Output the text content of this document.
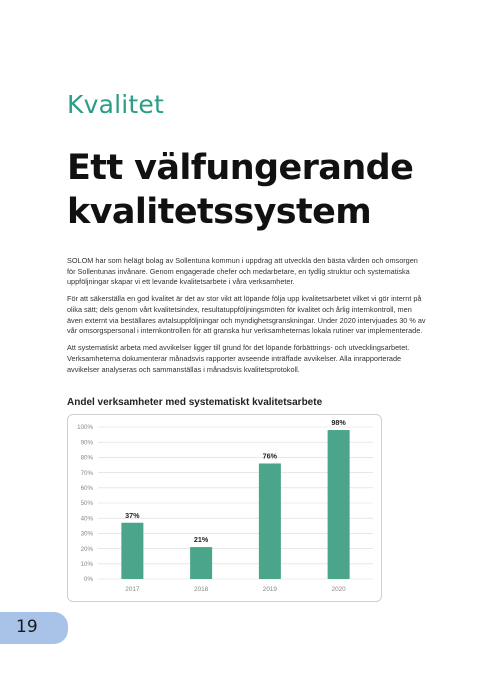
Kvalitet
Ett välfungerande
kvalitetssystem

SOLOM har som helägt bolag av Sollentuna kommun i uppdrag att utveckla den bästa vården och omsorgen för Sollentunas invånare. Genom engagerade chefer och medarbetare, en tydlig struktur och systematiska uppföljningar skapar vi ett levande kvalitetsarbete i våra verksamheter.

För att säkerställa en god kvalitet är det av stor vikt att löpande följa upp kvalitetsarbetet vilket vi gör internt på olika sätt; dels genom vårt kvalitetsindex, resultatuppföljningsmöten för kvalitet och årlig internkontroll, men även externt via beställares avtalsuppföljningar och myndighetsgranskningar. Under 2020 intervjuades 30 % av vår omsorgspersonal i internkontrollen för att granska hur verksamheternas lokala rutiner var implementerade.

Att systematiskt arbeta med avvikelser ligger till grund för det löpande förbättrings- och utvecklingsarbetet. Verksamheterna dokumenterar månadsvis rapporter avseende inträffade avvikelser. Alla inrapporterade avvikelser analyseras och sammanställas i månadsvis kvalitetsprotokoll.

Andel verksamheter med systematiskt kvalitetsarbete
0%
10%
20%
30%
40%
50%
60%
70%
80%
90%
100%
37%
2017
21%
2018
76%
2019
98%
2020
19
